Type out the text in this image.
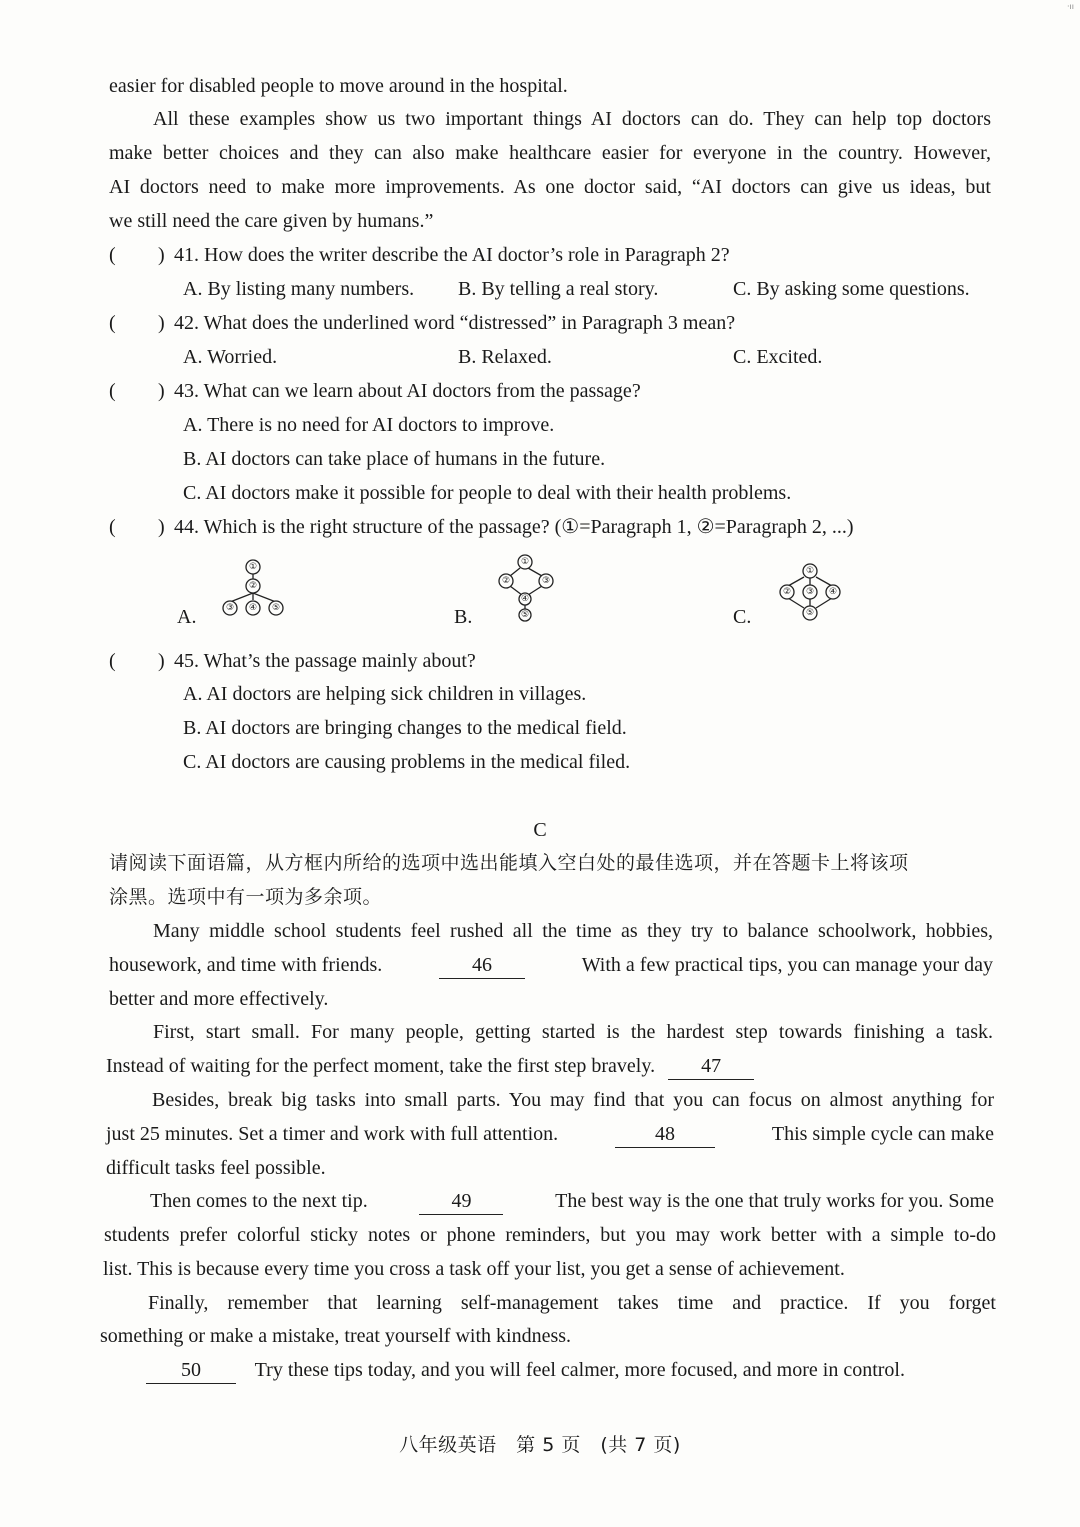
·ıı
easier for disabled people to move around in the hospital.
All these examples show us two important things AI doctors can do. They can help top doctors
make better choices and they can also make healthcare easier for everyone in the country. However,
AI doctors need to make more improvements. As one doctor said, “AI doctors can give us ideas, but
we still need the care given by humans.”
( ) 41. How does the writer describe the AI doctor’s role in Paragraph 2?
A. By listing many numbers. B. By telling a real story.	C. By asking some questions.
( ) 42. What does the underlined word “distressed” in Paragraph 3 mean?
A. Worried.	B. Relaxed.	C. Excited.
( ) 43. What can we learn about AI doctors from the passage?
A. There is no need for AI doctors to improve.
B. AI doctors can take place of humans in the future.
C. AI doctors make it possible for people to deal with their health problems.
( ) 44. Which is the right structure of the passage? (①=Paragraph 1, ②=Paragraph 2, ...)
A.	B.	C.
①
②
③ ④ ⑤
①
②	③
④
⑤
①
② ③ ④
⑤
( ) 45. What’s the passage mainly about?
A. AI doctors are helping sick children in villages.
B. AI doctors are bringing changes to the medical field.
C. AI doctors are causing problems in the medical filed.
C
请阅读下面语篇，从方框内所给的选项中选出能填入空白处的最佳选项，并在答题卡上将该项
涂黑。选项中有一项为多余项。
Many middle school students feel rushed all the time as they try to balance schoolwork, hobbies,
housework, and time with friends.	46	With a few practical tips, you can manage your day
better and more effectively.
First, start small. For many people, getting started is the hardest step towards finishing a task.
Instead of waiting for the perfect moment, take the first step bravely. 47
Besides, break big tasks into small parts. You may find that you can focus on almost anything for
just 25 minutes. Set a timer and work with full attention.	48	This simple cycle can make
difficult tasks feel possible.
Then comes to the next tip.	49	The best way is the one that truly works for you. Some
students prefer colorful sticky notes or phone reminders, but you may work better with a simple to-do
list. This is because every time you cross a task off your list, you get a sense of achievement.
Finally, remember that learning self-management takes time and practice. If you forget
something or make a mistake, treat yourself with kindness.
50	Try these tips today, and you will feel calmer, more focused, and more in control.
八年级英语　第 5 页　(共 7 页)
